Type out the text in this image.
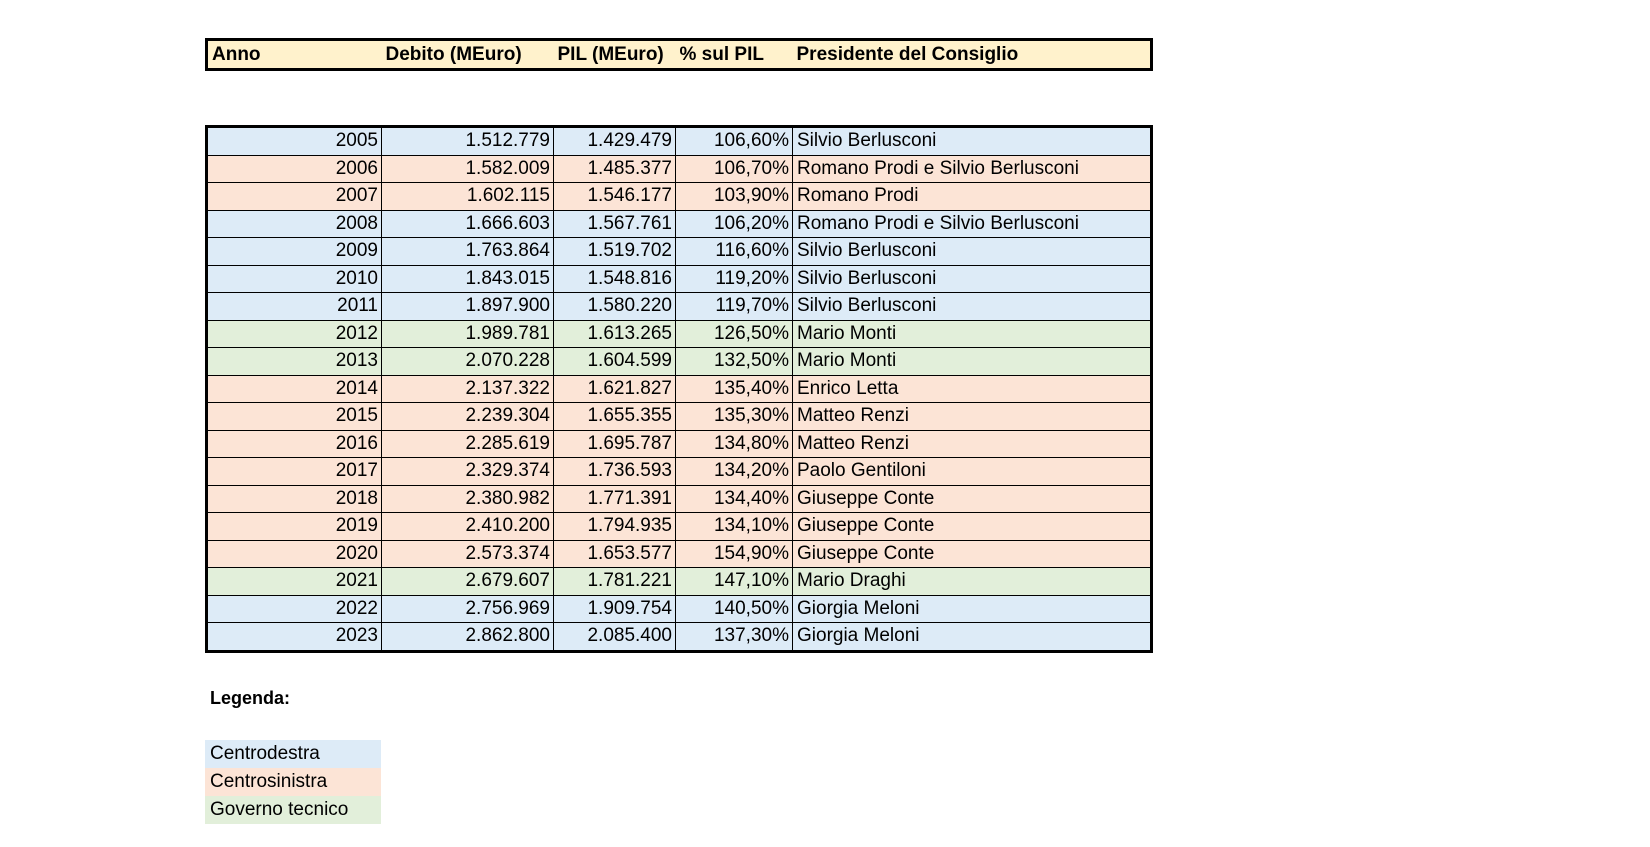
Anno	Debito (MEuro)	PIL (MEuro)	% sul PIL	Presidente del Consiglio
2005	1.512.779	1.429.479	106,60%	Silvio Berlusconi
2006	1.582.009	1.485.377	106,70%	Romano Prodi e Silvio Berlusconi
2007	1.602.115	1.546.177	103,90%	Romano Prodi
2008	1.666.603	1.567.761	106,20%	Romano Prodi e Silvio Berlusconi
2009	1.763.864	1.519.702	116,60%	Silvio Berlusconi
2010	1.843.015	1.548.816	119,20%	Silvio Berlusconi
2011	1.897.900	1.580.220	119,70%	Silvio Berlusconi
2012	1.989.781	1.613.265	126,50%	Mario Monti
2013	2.070.228	1.604.599	132,50%	Mario Monti
2014	2.137.322	1.621.827	135,40%	Enrico Letta
2015	2.239.304	1.655.355	135,30%	Matteo Renzi
2016	2.285.619	1.695.787	134,80%	Matteo Renzi
2017	2.329.374	1.736.593	134,20%	Paolo Gentiloni
2018	2.380.982	1.771.391	134,40%	Giuseppe Conte
2019	2.410.200	1.794.935	134,10%	Giuseppe Conte
2020	2.573.374	1.653.577	154,90%	Giuseppe Conte
2021	2.679.607	1.781.221	147,10%	Mario Draghi
2022	2.756.969	1.909.754	140,50%	Giorgia Meloni
2023	2.862.800	2.085.400	137,30%	Giorgia Meloni
Legenda:
Centrodestra
Centrosinistra
Governo tecnico
